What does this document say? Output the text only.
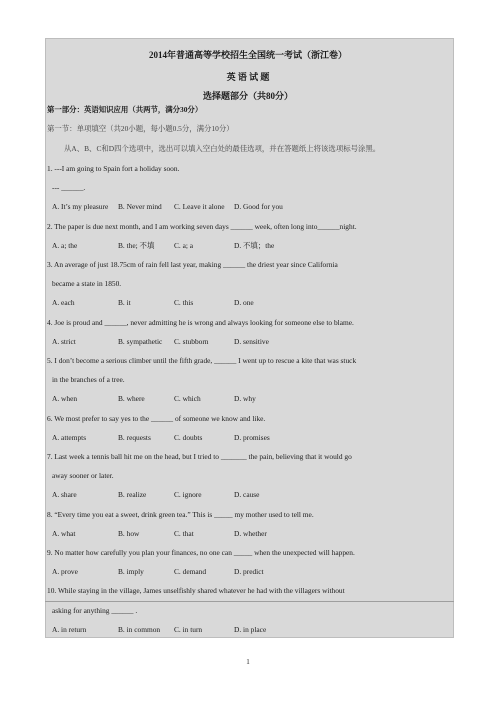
2014年普通高等学校招生全国统一考试（浙江卷）
英 语 试 题
选择题部分（共80分）
第一部分：英语知识应用（共两节，满分30分）
第一节：单项填空（共20小题，每小题0.5分，满分10分）
从A、B、C和D四个选项中，选出可以填入空白处的最佳选项，并在答题纸上将该选项标号涂黑。
1. ---I am going to Spain fort a holiday soon.
--- ______.
A. It’s my pleasure B. Never mind C. Leave it alone D. Good for you
2. The paper is due next month, and I am working seven days ______ week, often long into______night.
A. a; the	B. the; 不填	C. a; a	D. 不填；the
3. An average of just 18.75cm of rain fell last year, making ______ the driest year since California
became a state in 1850.
A. each	B. it	C. this	D. one
4. Joe is proud and ______, never admitting he is wrong and always looking for someone else to blame.
A. strict	B. sympathetic C. stubborn	D. sensitive
5. I don’t become a serious climber until the fifth grade, ______ I went up to rescue a kite that was stuck
in the branches of a tree.
A. when	B. where	C. which	D. why
6. We most prefer to say yes to the ______ of someone we know and like.
A. attempts	B. requests	C. doubts	D. promises
7. Last week a tennis ball hit me on the head, but I tried to _______ the pain, believing that it would go
away sooner or later.
A. share	B. realize	C. ignore	D. cause
8. “Every time you eat a sweet, drink green tea.” This is _____ my mother used to tell me.
A. what	B. how	C. that	D. whether
9. No matter how carefully you plan your finances, no one can _____ when the unexpected will happen.
A. prove	B. imply	C. demand	D. predict
10. While staying in the village, James unselfishly shared whatever he had with the villagers without
asking for anything ______ .
A. in return	B. in common C. in turn	D. in place
1
